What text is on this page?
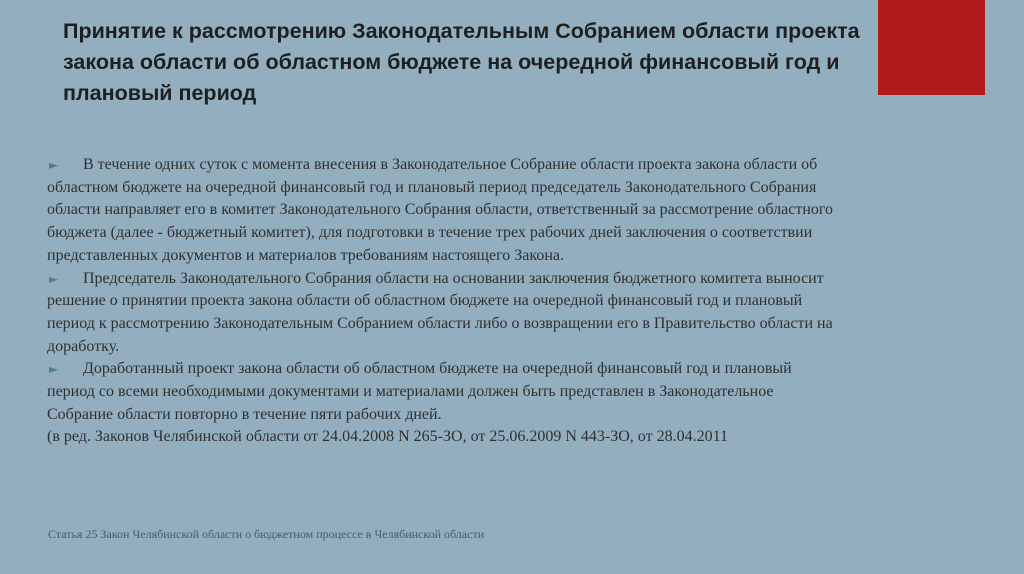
Принятие к рассмотрению Законодательным Собранием области проекта закона области об областном бюджете на очередной финансовый год и плановый период

► В течение одних суток с момента внесения в Законодательное Собрание области проекта закона области об областном бюджете на очередной финансовый год и плановый период председатель Законодательного Собрания области направляет его в комитет Законодательного Собрания области, ответственный за рассмотрение областного бюджета (далее - бюджетный комитет), для подготовки в течение трех рабочих дней заключения о соответствии представленных документов и материалов требованиям настоящего Закона.

► Председатель Законодательного Собрания области на основании заключения бюджетного комитета выносит решение о принятии проекта закона области об областном бюджете на очередной финансовый год и плановый период к рассмотрению Законодательным Собранием области либо о возвращении его в Правительство области на доработку.

► Доработанный проект закона области об областном бюджете на очередной финансовый год и плановый период со всеми необходимыми документами и материалами должен быть представлен в Законодательное Собрание области повторно в течение пяти рабочих дней.

(в ред. Законов Челябинской области от 24.04.2008 N 265-ЗО, от 25.06.2009 N 443-ЗО, от 28.04.2011

Статья 25 Закон Челябинской области о бюджетном процессе в Челябинской области
